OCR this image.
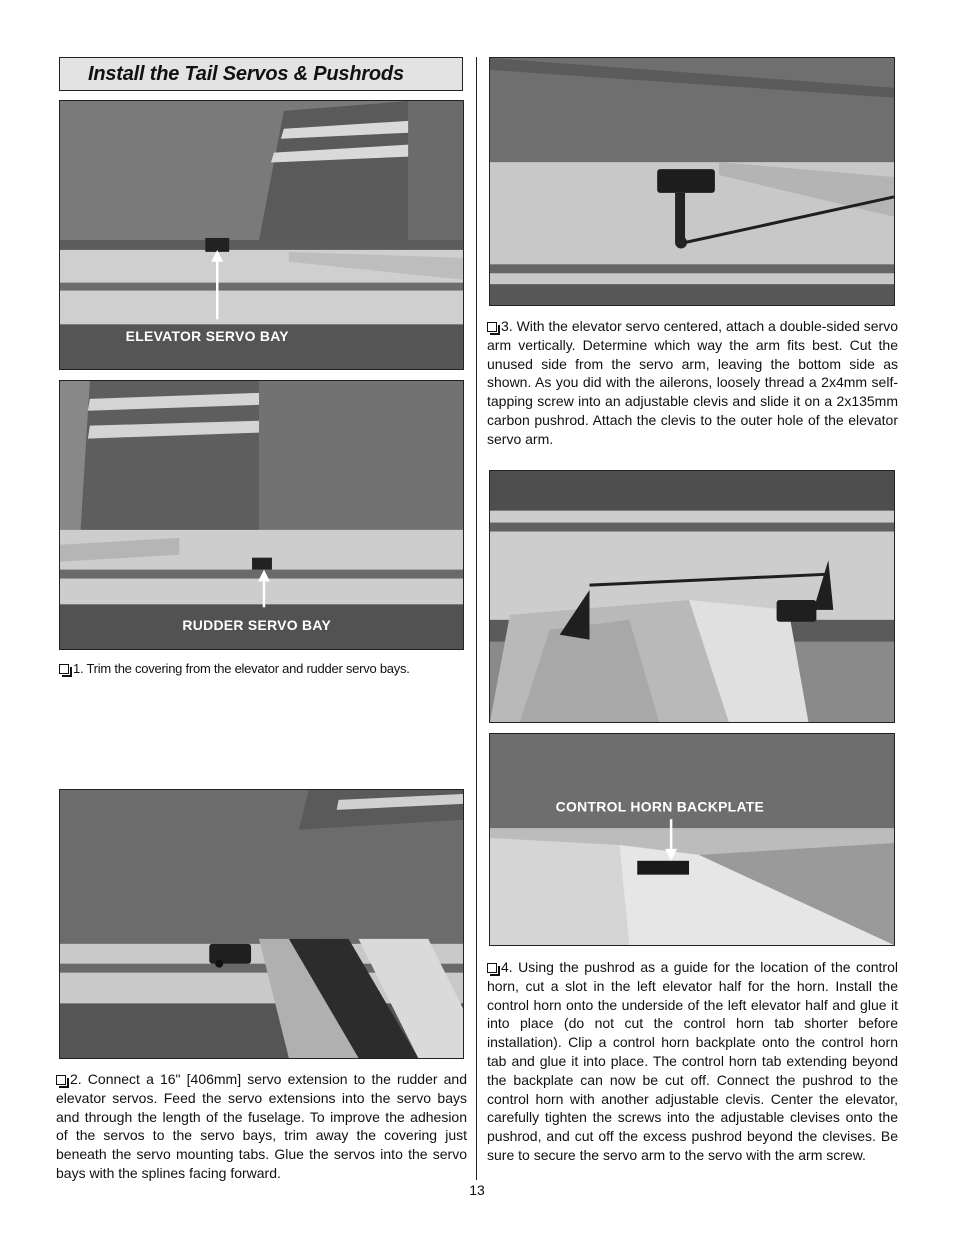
Install the Tail Servos & Pushrods
ELEVATOR SERVO BAY
RUDDER SERVO BAY
1. Trim the covering from the elevator and rudder servo bays.
2. Connect a 16" [406mm] servo extension to the rudder and elevator servos. Feed the servo extensions into the servo bays and through the length of the fuselage. To improve the adhesion of the servos to the servo bays, trim away the covering just beneath the servo mounting tabs. Glue the servos into the servo bays with the splines facing forward.
3. With the elevator servo centered, attach a double-sided servo arm vertically. Determine which way the arm fits best. Cut the unused side from the servo arm, leaving the bottom side as shown. As you did with the ailerons, loosely thread a 2x4mm self-tapping screw into an adjustable clevis and slide it on a 2x135mm carbon pushrod. Attach the clevis to the outer hole of the elevator servo arm.
CONTROL HORN BACKPLATE
4. Using the pushrod as a guide for the location of the control horn, cut a slot in the left elevator half for the horn. Install the control horn onto the underside of the left elevator half and glue it into place (do not cut the control horn tab shorter before installation). Clip a control horn backplate onto the control horn tab and glue it into place. The control horn tab extending beyond the backplate can now be cut off. Connect the pushrod to the control horn with another adjustable clevis. Center the elevator, carefully tighten the screws into the adjustable clevises onto the pushrod, and cut off the excess pushrod beyond the clevises. Be sure to secure the servo arm to the servo with the arm screw.
13
